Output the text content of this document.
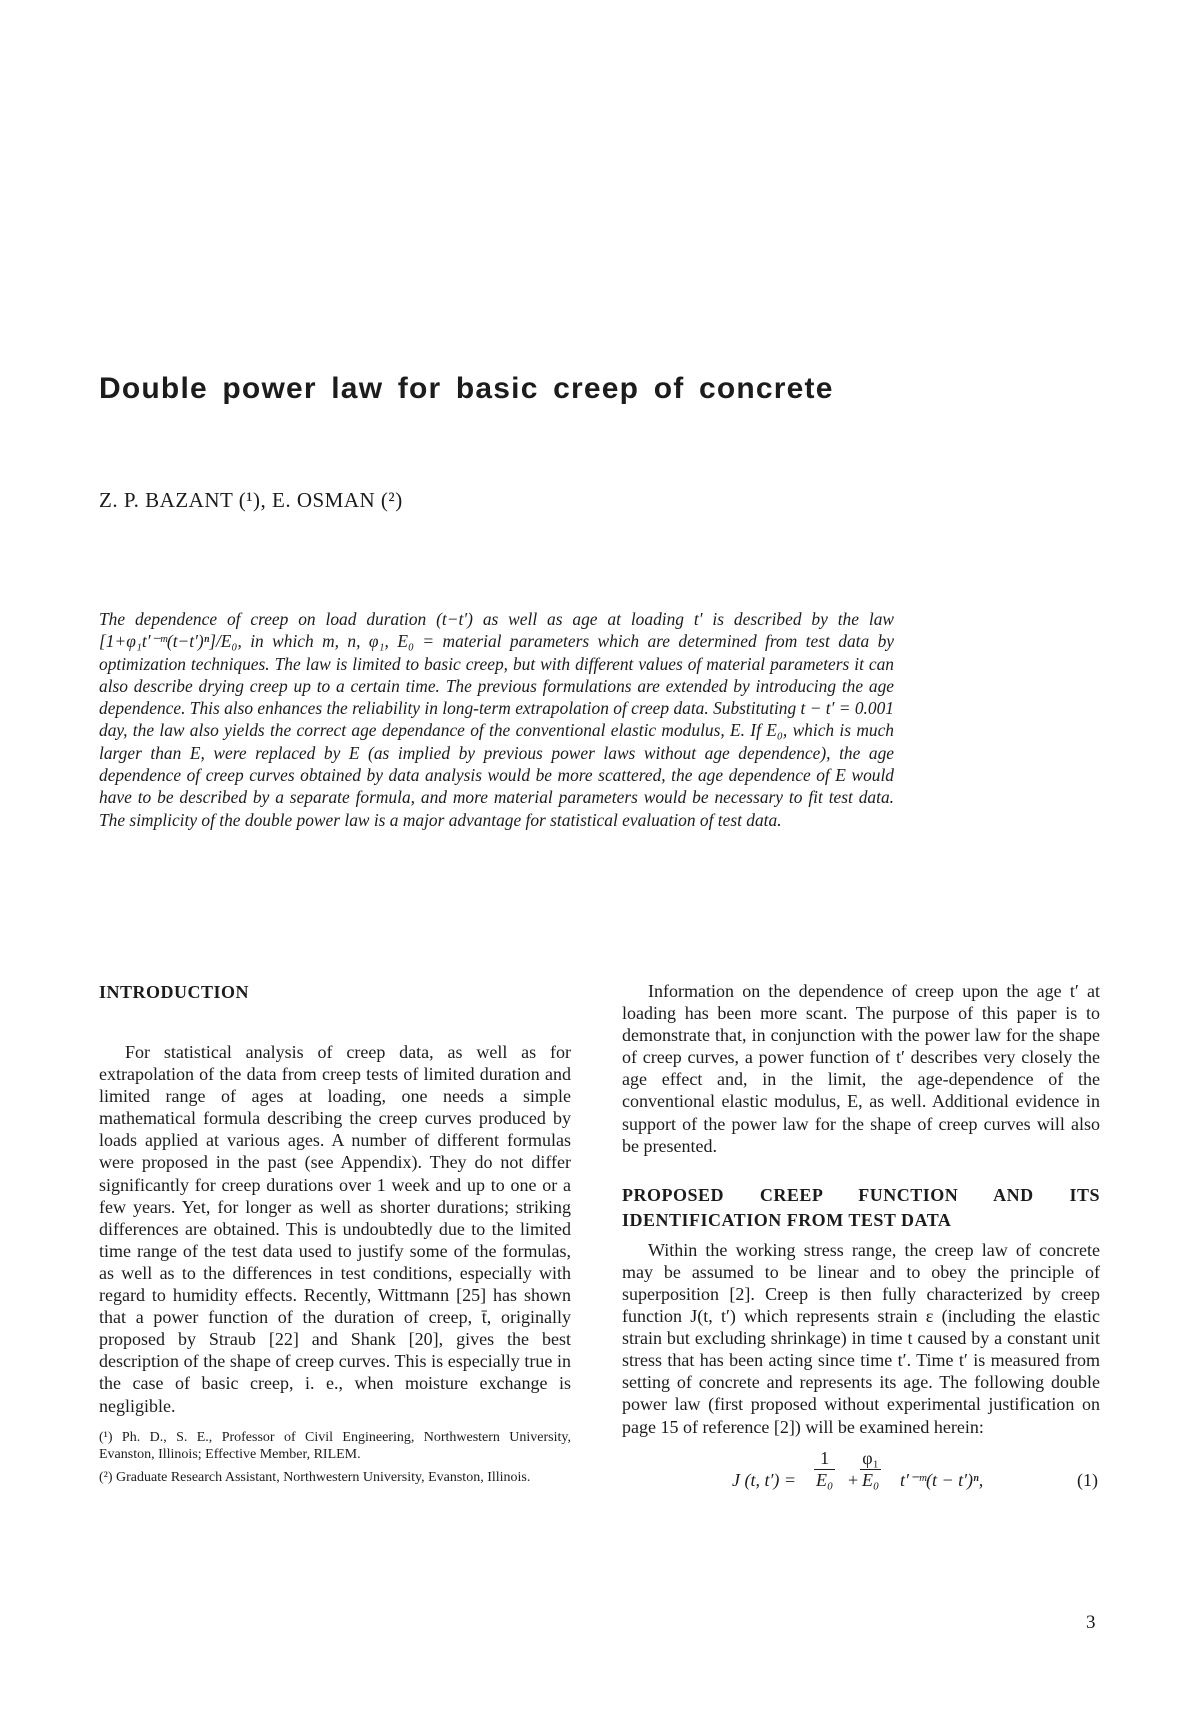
Double power law for basic creep of concrete

Z. P. BAZANT (¹), E. OSMAN (²)

The dependence of creep on load duration (t−t′) as well as age at loading t′ is described by the law [1+φ₁t′⁻ᵐ(t−t′)ⁿ]/E₀, in which m, n, φ₁, E₀ = material parameters which are determined from test data by optimization techniques. The law is limited to basic creep, but with different values of material parameters it can also describe drying creep up to a certain time. The previous formulations are extended by introducing the age dependence. This also enhances the reliability in long-term extrapolation of creep data. Substituting t − t′ = 0.001 day, the law also yields the correct age dependance of the conventional elastic modulus, E. If E₀, which is much larger than E, were replaced by E (as implied by previous power laws without age dependence), the age dependence of creep curves obtained by data analysis would be more scattered, the age dependence of E would have to be described by a separate formula, and more material parameters would be necessary to fit test data. The simplicity of the double power law is a major advantage for statistical evaluation of test data.

INTRODUCTION

For statistical analysis of creep data, as well as for extrapolation of the data from creep tests of limited duration and limited range of ages at loading, one needs a simple mathematical formula describing the creep curves produced by loads applied at various ages. A number of different formulas were proposed in the past (see Appendix). They do not differ significantly for creep durations over 1 week and up to one or a few years. Yet, for longer as well as shorter durations; striking differences are obtained. This is undoubtedly due to the limited time range of the test data used to justify some of the formulas, as well as to the differences in test conditions, especially with regard to humidity effects. Recently, Wittmann [25] has shown that a power function of the duration of creep, t̄, originally proposed by Straub [22] and Shank [20], gives the best description of the shape of creep curves. This is especially true in the case of basic creep, i. e., when moisture exchange is negligible.

(¹) Ph. D., S. E., Professor of Civil Engineering, Northwestern University, Evanston, Illinois; Effective Member, RILEM.

(²) Graduate Research Assistant, Northwestern University, Evanston, Illinois.

Information on the dependence of creep upon the age t′ at loading has been more scant. The purpose of this paper is to demonstrate that, in conjunction with the power law for the shape of creep curves, a power function of t′ describes very closely the age effect and, in the limit, the age-dependence of the conventional elastic modulus, E, as well. Additional evidence in support of the power law for the shape of creep curves will also be presented.

PROPOSED CREEP FUNCTION AND ITS IDENTIFICATION FROM TEST DATA

Within the working stress range, the creep law of concrete may be assumed to be linear and to obey the principle of superposition [2]. Creep is then fully characterized by creep function J(t, t′) which represents strain ε (including the elastic strain but excluding shrinkage) in time t caused by a constant unit stress that has been acting since time t′. Time t′ is measured from setting of concrete and represents its age. The following double power law (first proposed without experimental justification on page 15 of reference [2]) will be examined herein:

J (t, $t') = \frac{1}{\text{E₀}} + \frac{\text{φ₁}}{\text{E₀}}$ t′⁻ᵐ(t − t′)ⁿ,	(1)

3
